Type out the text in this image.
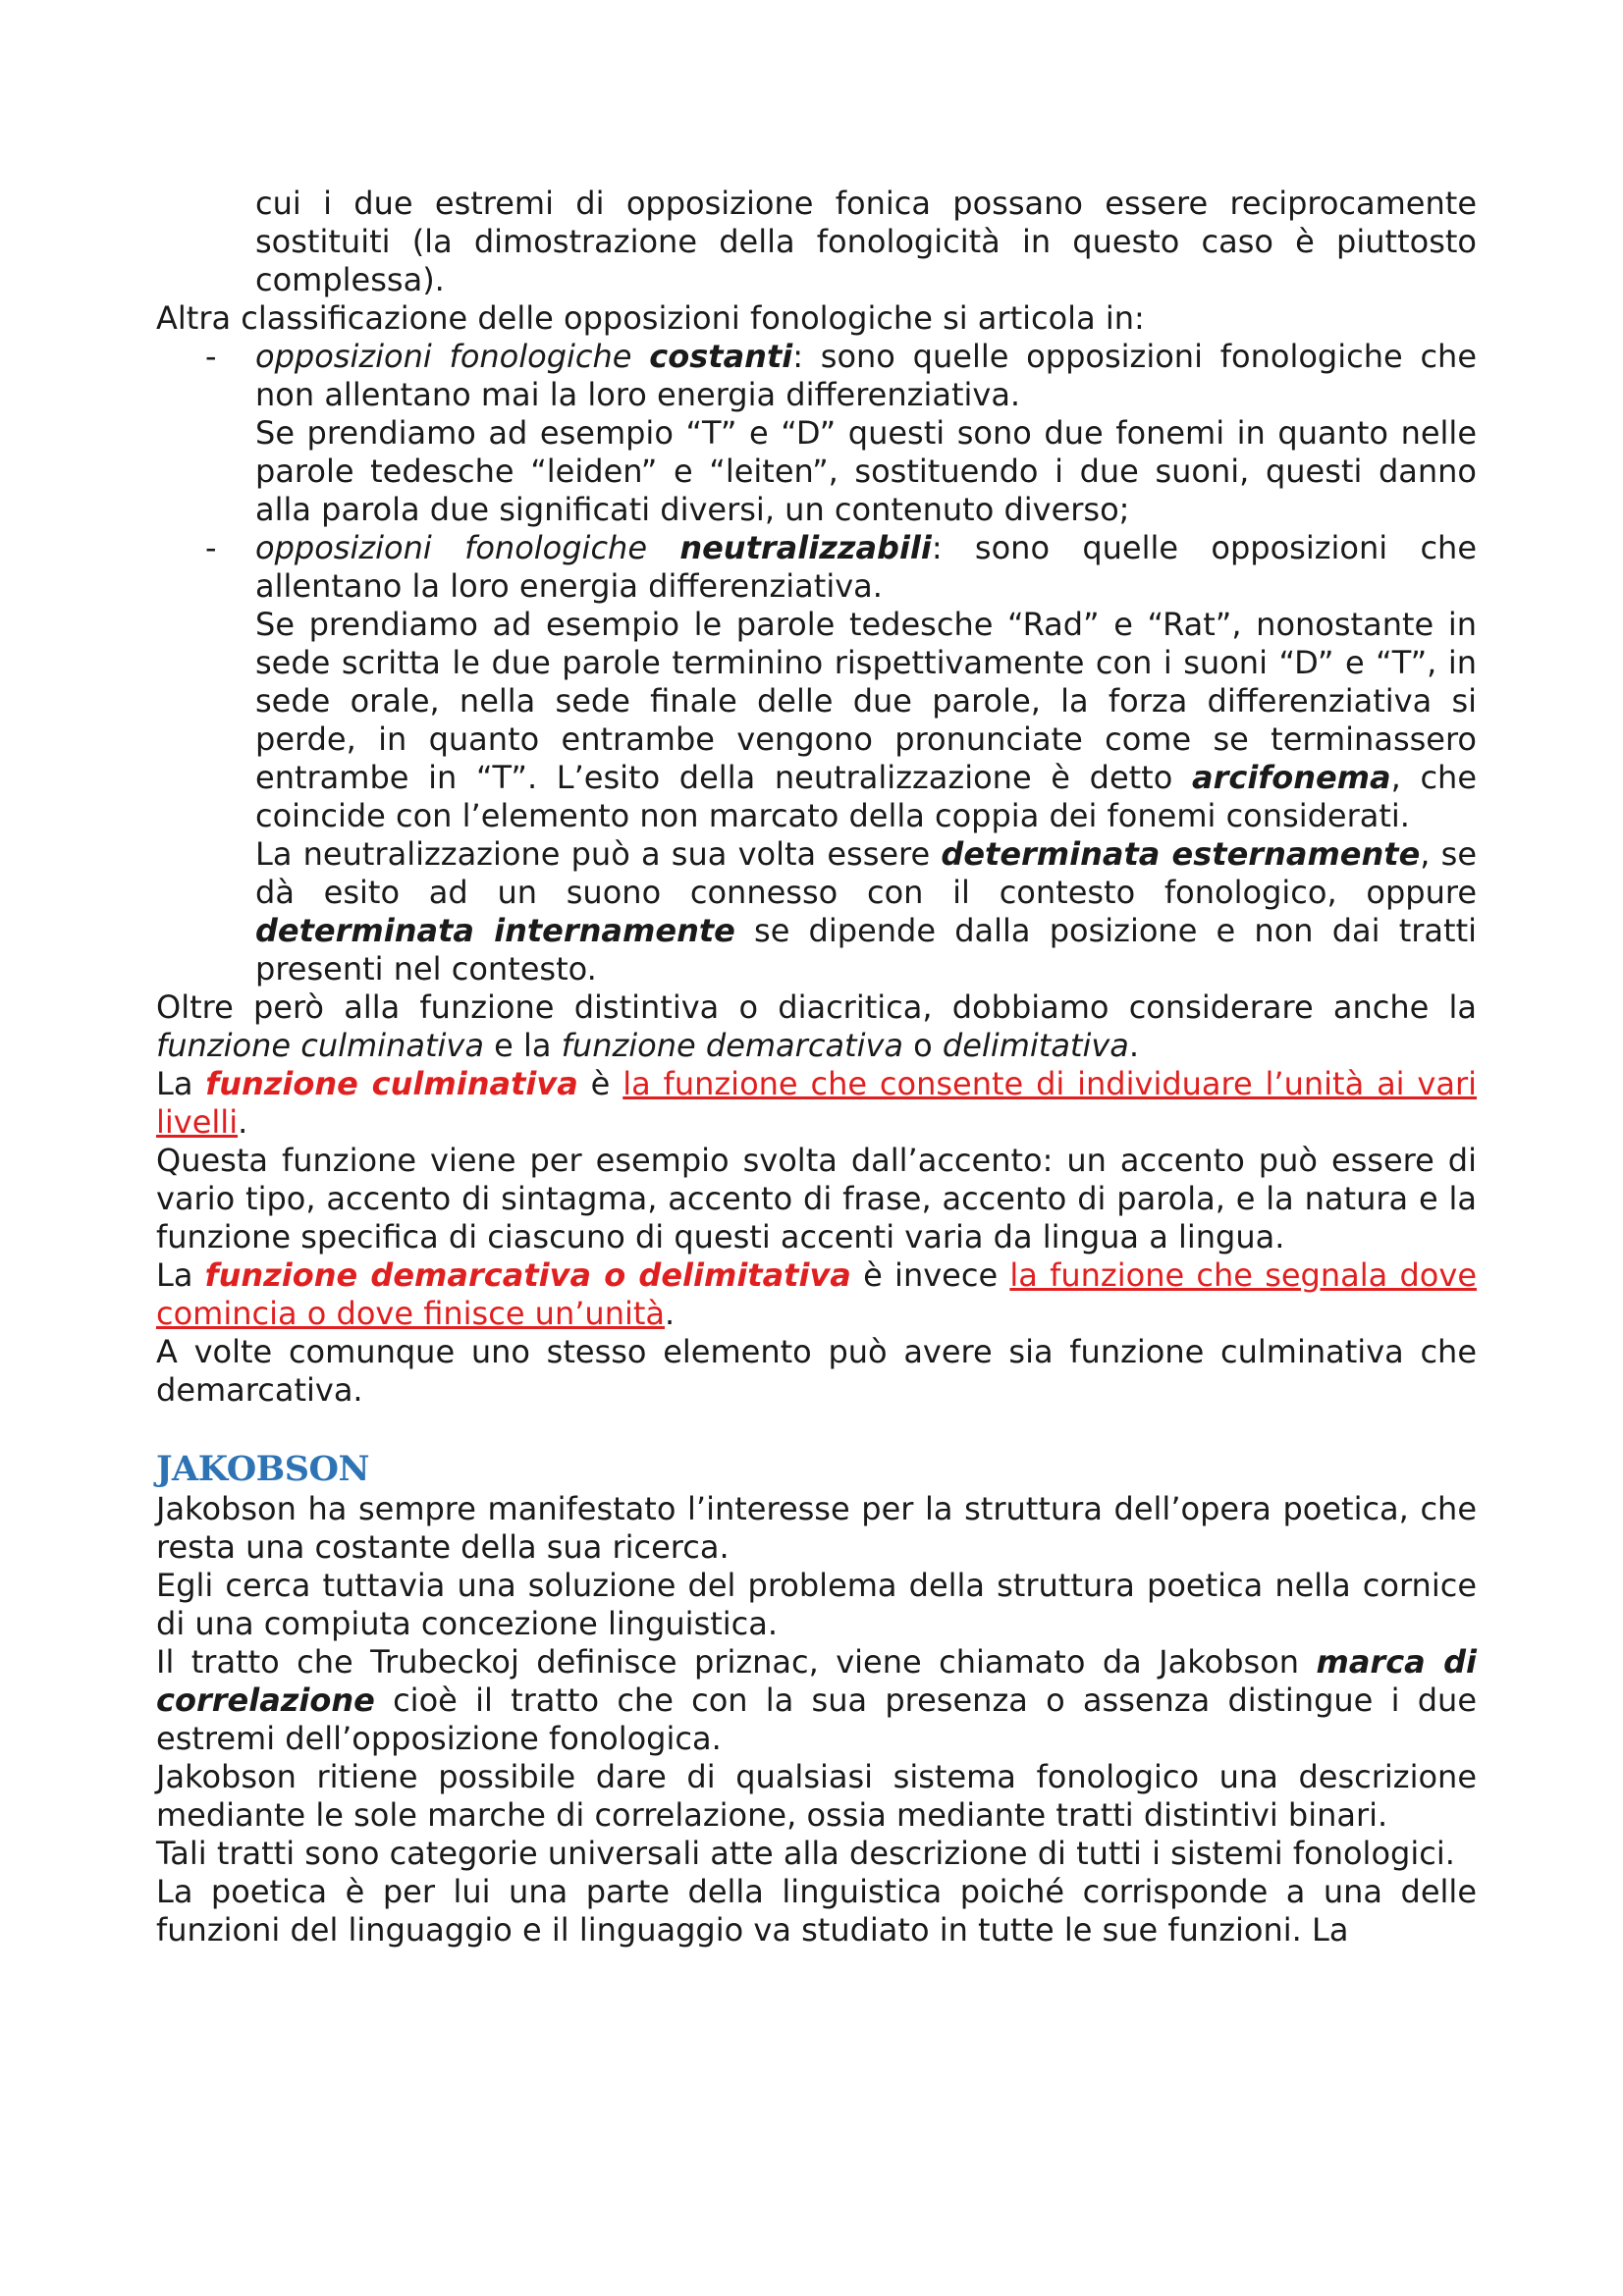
cui i due estremi di opposizione fonica possano essere reciprocamente sostituiti (la dimostrazione della fonologicità in questo caso è piuttosto complessa).

Altra classificazione delle opposizioni fonologiche si articola in:

- opposizioni fonologiche costanti: sono quelle opposizioni fonologiche che non allentano mai la loro energia differenziativa.

Se prendiamo ad esempio “T” e “D” questi sono due fonemi in quanto nelle parole tedesche “leiden” e “leiten”, sostituendo i due suoni, questi danno alla parola due significati diversi, un contenuto diverso;

- opposizioni fonologiche neutralizzabili: sono quelle opposizioni che allentano la loro energia differenziativa.

Se prendiamo ad esempio le parole tedesche “Rad” e “Rat”, nonostante in sede scritta le due parole terminino rispettivamente con i suoni “D” e “T”, in sede orale, nella sede finale delle due parole, la forza differenziativa si perde, in quanto entrambe vengono pronunciate come se terminassero entrambe in “T”. L’esito della neutralizzazione è detto arcifonema, che coincide con l’elemento non marcato della coppia dei fonemi considerati.

La neutralizzazione può a sua volta essere determinata esternamente, se dà esito ad un suono connesso con il contesto fonologico, oppure determinata internamente se dipende dalla posizione e non dai tratti presenti nel contesto.

Oltre però alla funzione distintiva o diacritica, dobbiamo considerare anche la funzione culminativa e la funzione demarcativa o delimitativa.

La funzione culminativa è la funzione che consente di individuare l’unità ai vari livelli.

Questa funzione viene per esempio svolta dall’accento: un accento può essere di vario tipo, accento di sintagma, accento di frase, accento di parola, e la natura e la funzione specifica di ciascuno di questi accenti varia da lingua a lingua.

La funzione demarcativa o delimitativa è invece la funzione che segnala dove comincia o dove finisce un’unità.

A volte comunque uno stesso elemento può avere sia funzione culminativa che demarcativa.

JAKOBSON

Jakobson ha sempre manifestato l’interesse per la struttura dell’opera poetica, che resta una costante della sua ricerca.

Egli cerca tuttavia una soluzione del problema della struttura poetica nella cornice di una compiuta concezione linguistica.

Il tratto che Trubeckoj definisce priznac, viene chiamato da Jakobson marca di correlazione cioè il tratto che con la sua presenza o assenza distingue i due estremi dell’opposizione fonologica.

Jakobson ritiene possibile dare di qualsiasi sistema fonologico una descrizione mediante le sole marche di correlazione, ossia mediante tratti distintivi binari.

Tali tratti sono categorie universali atte alla descrizione di tutti i sistemi fonologici.

La poetica è per lui una parte della linguistica poiché corrisponde a una delle funzioni del linguaggio e il linguaggio va studiato in tutte le sue funzioni. La
